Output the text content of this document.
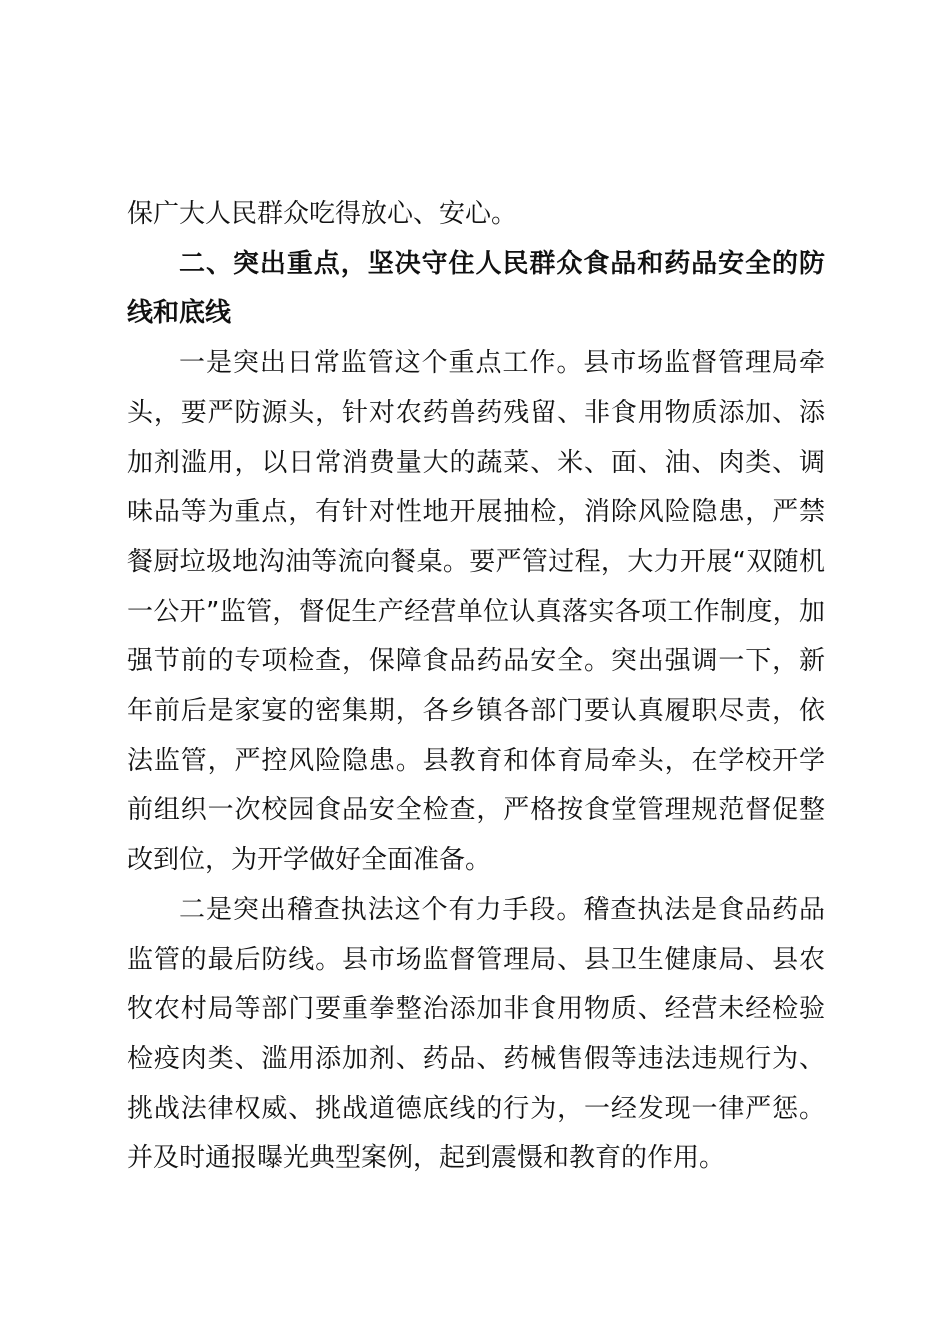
保广大人民群众吃得放心、安心。

二、突出重点，坚决守住人民群众食品和药品安全的防线和底线

一是突出日常监管这个重点工作。县市场监督管理局牵头，要严防源头，针对农药兽药残留、非食用物质添加、添加剂滥用，以日常消费量大的蔬菜、米、面、油、肉类、调味品等为重点，有针对性地开展抽检，消除风险隐患，严禁餐厨垃圾地沟油等流向餐桌。要严管过程，大力开展“双随机一公开”监管，督促生产经营单位认真落实各项工作制度，加强节前的专项检查，保障食品药品安全。突出强调一下，新年前后是家宴的密集期，各乡镇各部门要认真履职尽责，依法监管，严控风险隐患。县教育和体育局牵头，在学校开学前组织一次校园食品安全检查，严格按食堂管理规范督促整改到位，为开学做好全面准备。

二是突出稽查执法这个有力手段。稽查执法是食品药品监管的最后防线。县市场监督管理局、县卫生健康局、县农牧农村局等部门要重拳整治添加非食用物质、经营未经检验检疫肉类、滥用添加剂、药品、药械售假等违法违规行为、挑战法律权威、挑战道德底线的行为，一经发现一律严惩。并及时通报曝光典型案例，起到震慑和教育的作用。
